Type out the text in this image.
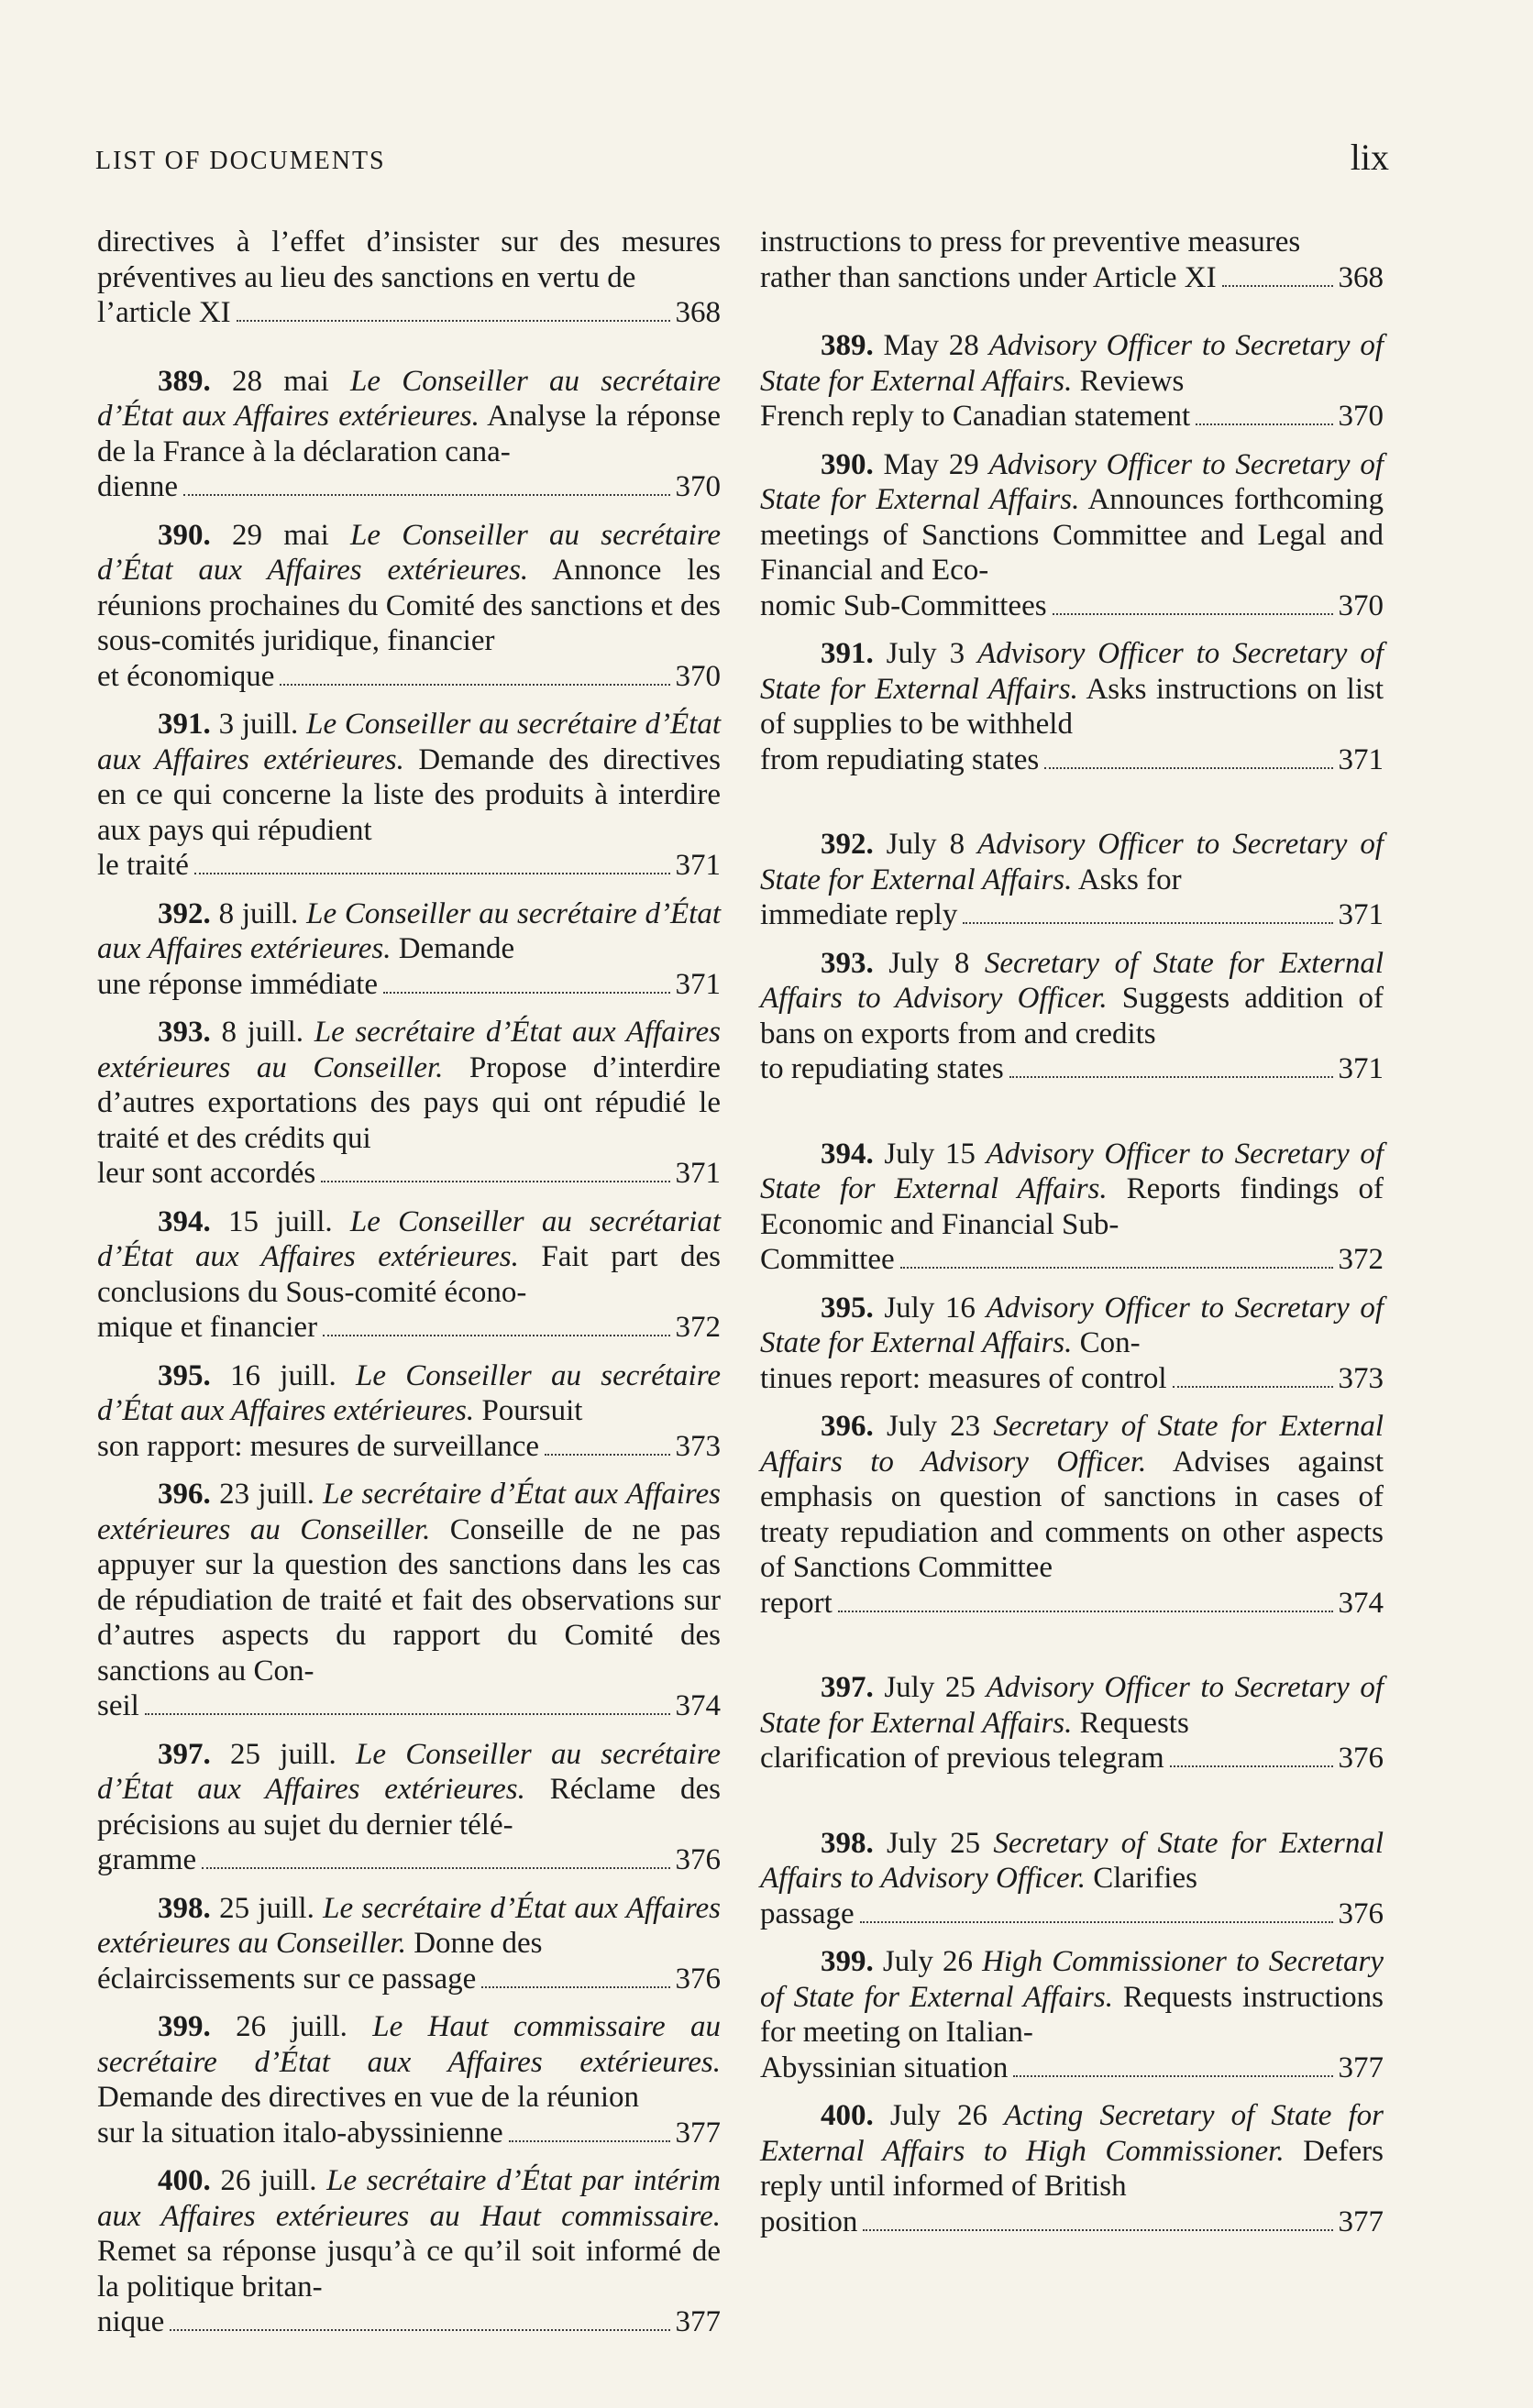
LIST OF DOCUMENTS	lix
directives à l’effet d’insister sur des mesures préventives au lieu des sanctions en vertu de
l’article XI	368
389. 28 mai Le Conseiller au secrétaire d’État aux Affaires extérieures. Analyse la réponse de la France à la déclaration cana-
dienne	370
390. 29 mai Le Conseiller au secrétaire d’État aux Affaires extérieures. Annonce les réunions prochaines du Comité des sanctions et des sous-comités juridique, financier
et économique	370
391. 3 juill. Le Conseiller au secrétaire d’État aux Affaires extérieures. Demande des directives en ce qui concerne la liste des produits à interdire aux pays qui répudient
le traité	371
392. 8 juill. Le Conseiller au secrétaire d’État aux Affaires extérieures. Demande
une réponse immédiate	371
393. 8 juill. Le secrétaire d’État aux Affaires extérieures au Conseiller. Propose d’interdire d’autres exportations des pays qui ont répudié le traité et des crédits qui
leur sont accordés	371
394. 15 juill. Le Conseiller au secrétariat d’État aux Affaires extérieures. Fait part des conclusions du Sous-comité écono-
mique et financier	372
395. 16 juill. Le Conseiller au secrétaire d’État aux Affaires extérieures. Poursuit
son rapport: mesures de surveillance	373
396. 23 juill. Le secrétaire d’État aux Affaires extérieures au Conseiller. Conseille de ne pas appuyer sur la question des sanctions dans les cas de répudiation de traité et fait des observations sur d’autres aspects du rapport du Comité des sanctions au Con-
seil	374
397. 25 juill. Le Conseiller au secrétaire d’État aux Affaires extérieures. Réclame des précisions au sujet du dernier télé-
gramme	376
398. 25 juill. Le secrétaire d’État aux Affaires extérieures au Conseiller. Donne des
éclaircissements sur ce passage	376
399. 26 juill. Le Haut commissaire au secrétaire d’État aux Affaires extérieures. Demande des directives en vue de la réunion
sur la situation italo-abyssinienne	377
400. 26 juill. Le secrétaire d’État par intérim aux Affaires extérieures au Haut commissaire. Remet sa réponse jusqu’à ce qu’il soit informé de la politique britan-
nique	377
instructions to press for preventive measures
rather than sanctions under Article XI	368
389. May 28 Advisory Officer to Secretary of State for External Affairs. Reviews
French reply to Canadian statement	370
390. May 29 Advisory Officer to Secretary of State for External Affairs. Announces forthcoming meetings of Sanctions Committee and Legal and Financial and Eco-
nomic Sub-Committees	370
391. July 3 Advisory Officer to Secretary of State for External Affairs. Asks instructions on list of supplies to be withheld
from repudiating states	371
392. July 8 Advisory Officer to Secretary of State for External Affairs. Asks for
immediate reply	371
393. July 8 Secretary of State for External Affairs to Advisory Officer. Suggests addition of bans on exports from and credits
to repudiating states	371
394. July 15 Advisory Officer to Secretary of State for External Affairs. Reports findings of Economic and Financial Sub-
Committee	372
395. July 16 Advisory Officer to Secretary of State for External Affairs. Con-
tinues report: measures of control	373
396. July 23 Secretary of State for External Affairs to Advisory Officer. Advises against emphasis on question of sanctions in cases of treaty repudiation and comments on other aspects of Sanctions Committee
report	374
397. July 25 Advisory Officer to Secretary of State for External Affairs. Requests
clarification of previous telegram	376
398. July 25 Secretary of State for External Affairs to Advisory Officer. Clarifies
passage	376
399. July 26 High Commissioner to Secretary of State for External Affairs. Requests instructions for meeting on Italian-
Abyssinian situation	377
400. July 26 Acting Secretary of State for External Affairs to High Commissioner. Defers reply until informed of British
position	377
